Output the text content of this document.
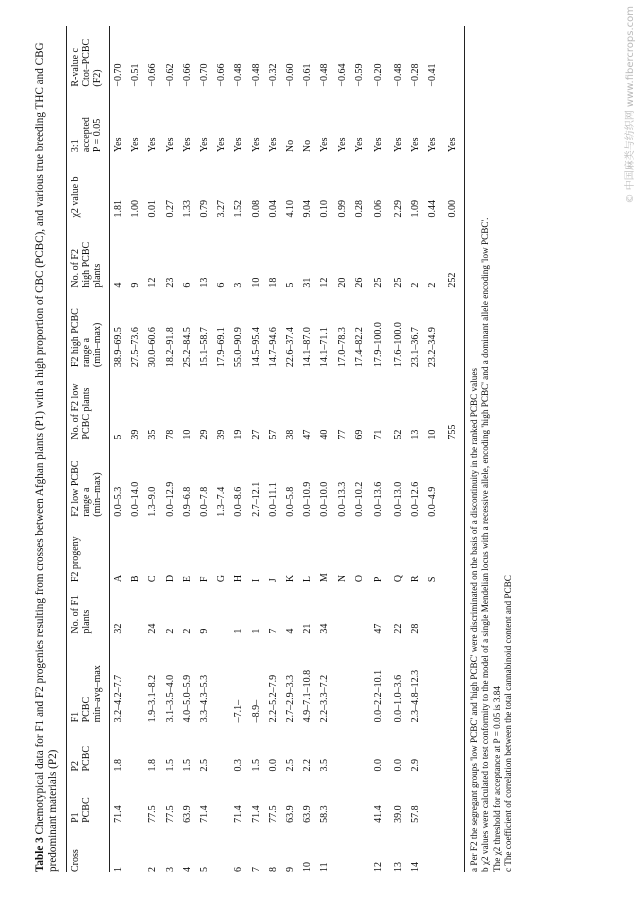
Table 3 Chemotypical data for F1 and F2 progenies resulting from crosses between Afghan plants (P1) with a high proportion of CBC (PCBC), and various true breeding THC and CBG predominant materials (P2) Cross	P1 PCBC	P2 PCBC	F1 PCBC min–avg–max	No. of F1 plants	F2 progeny	F2 low PCBC range a (min–max)	No. of F2 low PCBC plants	F2 high PCBC range a (min–max)	No. of F2 high PCBC plants	χ2 value b	3:1 accepted P = 0.05	R-value c Ctot–PCBC (F2)

1	71.4	1.8	3.2–4.2–7.7	32	A	0.0–5.3	5	38.9–69.5	4	1.81	Yes	−0.70
					B	0.0–14.0	39	27.5–73.6	9	1.00	Yes	−0.51
2	77.5	1.8	1.9–3.1–8.2	24	C	1.3–9.0	35	30.0–60.6	12	0.01	Yes	−0.66
3	77.5	1.5	3.1–3.5–4.0	2	D	0.0–12.9	78	18.2–91.8	23	0.27	Yes	−0.62
4	63.9	1.5	4.0–5.0–5.9	2	E	0.9–6.8	10	25.2–84.5	6	1.33	Yes	−0.66
5	71.4	2.5	3.3–4.3–5.3	9	F	0.0–7.8	29	15.1–58.7	13	0.79	Yes	−0.70
					G	1.3–7.4	39	17.9–69.1	6	3.27	Yes	−0.66
6	71.4	0.3	–7.1–	1	H	0.0–8.6	19	55.0–90.9	3	1.52	Yes	−0.48
7	71.4	1.5	–8.9–	1	I	2.7–12.1	27	14.5–95.4	10	0.08	Yes	−0.48
8	77.5	0.0	2.2–5.2–7.9	7	J	0.0–11.1	57	14.7–94.6	18	0.04	Yes	−0.32
9	63.9	2.5	2.7–2.9–3.3	4	K	0.0–5.8	38	22.6–37.4	5	4.10	No	−0.60
10	63.9	2.2	4.9–7.1–10.8	21	L	0.0–10.9	47	14.1–87.0	31	9.04	No	−0.61
11	58.3	3.5	2.2–3.3–7.2	34	M	0.0–10.0	40	14.1–71.1	12	0.10	Yes	−0.48
					N	0.0–13.3	77	17.0–78.3	20	0.99	Yes	−0.64
					O	0.0–10.2	69	17.4–82.2	26	0.28	Yes	−0.59
12	41.4	0.0	0.0–2.2–10.1	47	P	0.0–13.6	71	17.9–100.0	25	0.06	Yes	−0.20
13	39.0	0.0	0.0–1.0–3.6	22	Q	0.0–13.0	52	17.6–100.0	25	2.29	Yes	−0.48
14	57.8	2.9	2.3–4.8–12.3	28	R	0.0–12.6	13	23.1–36.7	2	1.09	Yes	−0.28
					S	0.0–4.9	10	23.2–34.9	2	0.44	Yes	−0.41
							755		252	0.00	Yes	
a Per F2 the segregant groups 'low PCBC' and 'high PCBC' were discriminated on the basis of a discontinuity in the ranked PCBC values b χ2 values were calculated to test conformity to the model of a single Mendelian locus with a recessive allele, encoding 'high PCBC' and a dominant allele encoding 'low PCBC'. The χ2 threshold for acceptance at P = 0.05 is 3.84 c The coefficient of correlation between the total cannabinoid content and PCBC
© 中国麻类与纺织网 www.fibercrops.com
